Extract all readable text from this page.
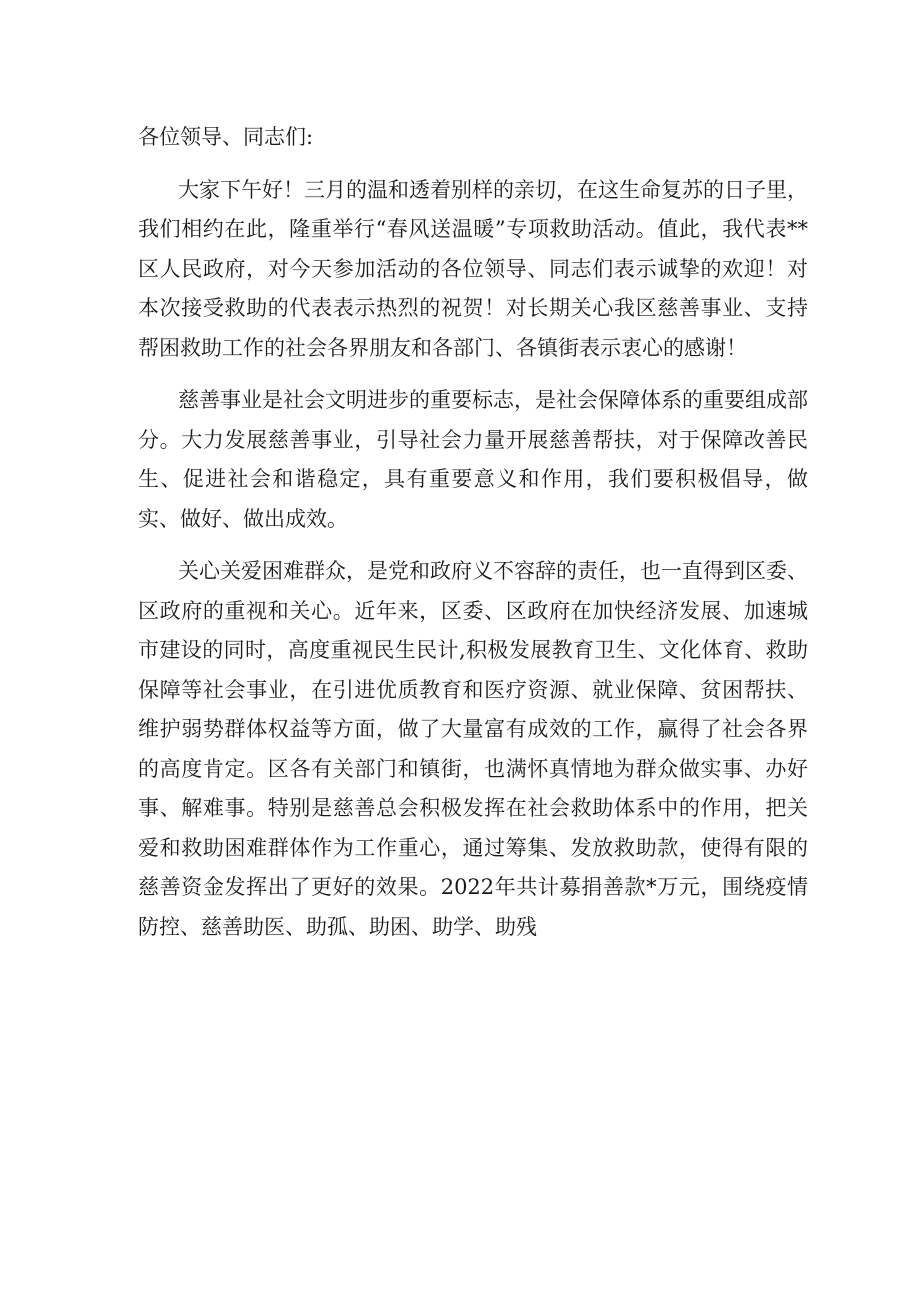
各位领导、同志们:

大家下午好！三月的温和透着别样的亲切，在这生命复苏的日子里，我们相约在此，隆重举行“春风送温暖”专项救助活动。值此，我代表**区人民政府，对今天参加活动的各位领导、同志们表示诚挚的欢迎！对本次接受救助的代表表示热烈的祝贺！对长期关心我区慈善事业、支持帮困救助工作的社会各界朋友和各部门、各镇街表示衷心的感谢！

慈善事业是社会文明进步的重要标志，是社会保障体系的重要组成部分。大力发展慈善事业，引导社会力量开展慈善帮扶，对于保障改善民生、促进社会和谐稳定，具有重要意义和作用，我们要积极倡导，做实、做好、做出成效。

关心关爱困难群众，是党和政府义不容辞的责任，也一直得到区委、区政府的重视和关心。近年来，区委、区政府在加快经济发展、加速城市建设的同时，高度重视民生民计,积极发展教育卫生、文化体育、救助保障等社会事业，在引进优质教育和医疗资源、就业保障、贫困帮扶、维护弱势群体权益等方面，做了大量富有成效的工作，赢得了社会各界的高度肯定。区各有关部门和镇街，也满怀真情地为群众做实事、办好事、解难事。特别是慈善总会积极发挥在社会救助体系中的作用，把关爱和救助困难群体作为工作重心，通过筹集、发放救助款，使得有限的慈善资金发挥出了更好的效果。2022年共计募捐善款*万元，围绕疫情防控、慈善助医、助孤、助困、助学、助残
